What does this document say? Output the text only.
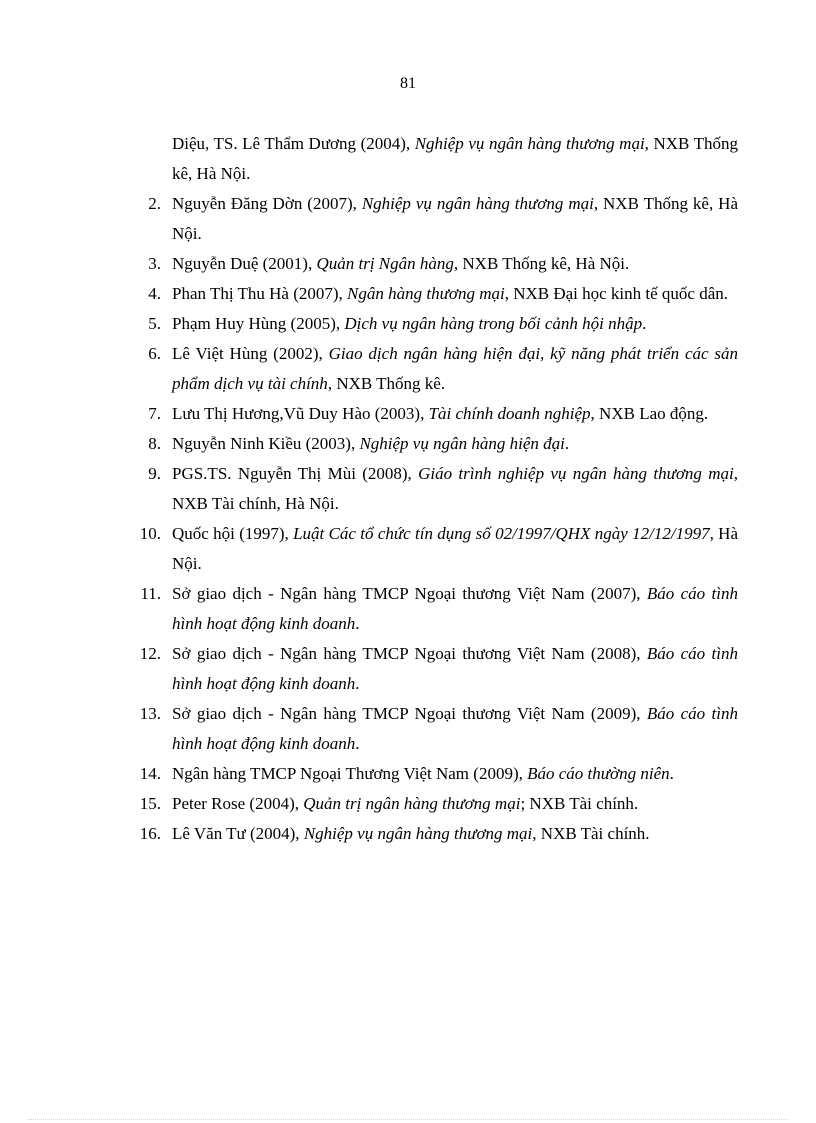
81
Diệu, TS. Lê Thẩm Dương (2004), Nghiệp vụ ngân hàng thương mại, NXB Thống kê, Hà Nội.
2. Nguyễn Đăng Dờn (2007), Nghiệp vụ ngân hàng thương mại, NXB Thống kê, Hà Nội.
3. Nguyễn Duệ (2001), Quản trị Ngân hàng, NXB Thống kê, Hà Nội.
4. Phan Thị Thu Hà (2007), Ngân hàng thương mại, NXB Đại học kinh tế quốc dân.
5. Phạm Huy Hùng (2005), Dịch vụ ngân hàng trong bối cảnh hội nhập.
6. Lê Việt Hùng (2002), Giao dịch ngân hàng hiện đại, kỹ năng phát triển các sản phẩm dịch vụ tài chính, NXB Thống kê.
7. Lưu Thị Hương,Vũ Duy Hào (2003), Tài chính doanh nghiệp, NXB Lao động.
8. Nguyễn Ninh Kiều (2003), Nghiệp vụ ngân hàng hiện đại.
9. PGS.TS. Nguyễn Thị Mùi (2008), Giáo trình nghiệp vụ ngân hàng thương mại, NXB Tài chính, Hà Nội.
10. Quốc hội (1997), Luật Các tổ chức tín dụng số 02/1997/QHX ngày 12/12/1997, Hà Nội.
11. Sở giao dịch - Ngân hàng TMCP Ngoại thương Việt Nam (2007), Báo cáo tình hình hoạt động kinh doanh.
12. Sở giao dịch - Ngân hàng TMCP Ngoại thương Việt Nam (2008), Báo cáo tình hình hoạt động kinh doanh.
13. Sở giao dịch - Ngân hàng TMCP Ngoại thương Việt Nam (2009), Báo cáo tình hình hoạt động kinh doanh.
14. Ngân hàng TMCP Ngoại Thương Việt Nam (2009), Báo cáo thường niên.
15. Peter Rose (2004), Quản trị ngân hàng thương mại; NXB Tài chính.
16. Lê Văn Tư (2004), Nghiệp vụ ngân hàng thương mại, NXB Tài chính.
